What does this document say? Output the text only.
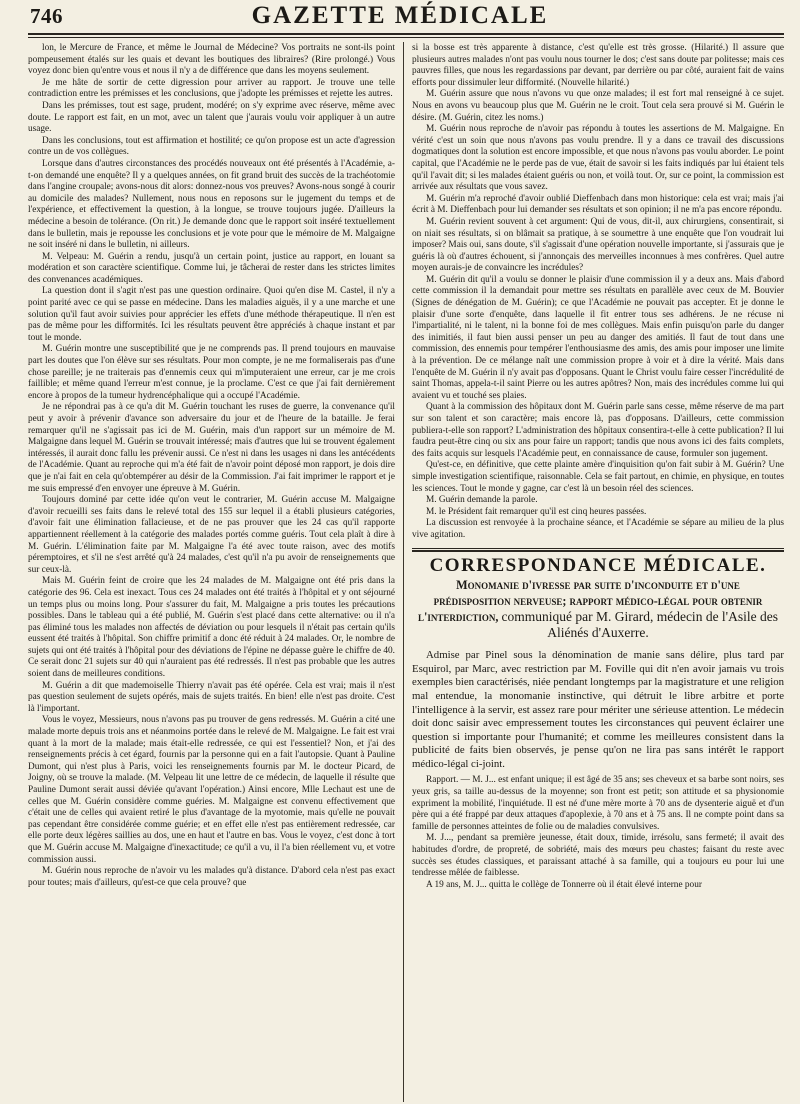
746	GAZETTE MÉDICALE

lon, le Mercure de France, et même le Journal de Médecine? Vos portraits ne sont-ils point pompeusement étalés sur les quais et devant les boutiques des libraires? (Rire prolongé.) Vous voyez donc bien qu'entre vous et nous il n'y a de différence que dans les moyens seulement.

Je me hâte de sortir de cette digression pour arriver au rapport. Je trouve une telle contradiction entre les prémisses et les conclusions, que j'adopte les prémisses et rejette les autres.

Dans les prémisses, tout est sage, prudent, modéré; on s'y exprime avec réserve, même avec doute. Le rapport est fait, en un mot, avec un talent que j'aurais voulu voir appliquer à un autre usage.

Dans les conclusions, tout est affirmation et hostilité; ce qu'on propose est un acte d'agression contre un de vos collègues.

Lorsque dans d'autres circonstances des procédés nouveaux ont été présentés à l'Académie, a-t-on demandé une enquête? Il y a quelques années, on fit grand bruit des succès de la trachéotomie dans l'angine croupale; avons-nous dit alors: donnez-nous vos preuves? Avons-nous songé à courir au domicile des malades? Nullement, nous nous en reposons sur le jugement du temps et de l'expérience, et effectivement la question, à la longue, se trouve toujours jugée. D'ailleurs la médecine a besoin de tolérance. (On rit.) Je demande donc que le rapport soit inséré textuellement dans le bulletin, mais je repousse les conclusions et je vote pour que le mémoire de M. Malgaigne ne soit inséré ni dans le bulletin, ni ailleurs.

M. Velpeau: M. Guérin a rendu, jusqu'à un certain point, justice au rapport, en louant sa modération et son caractère scientifique. Comme lui, je tâcherai de rester dans les strictes limites des convenances académiques.

La question dont il s'agit n'est pas une question ordinaire. Quoi qu'en dise M. Castel, il n'y a point parité avec ce qui se passe en médecine. Dans les maladies aiguës, il y a une marche et une solution qu'il faut avoir suivies pour apprécier les effets d'une méthode thérapeutique. Il n'en est pas de même pour les difformités. Ici les résultats peuvent être appréciés à chaque instant et par tout le monde.

M. Guérin montre une susceptibilité que je ne comprends pas. Il prend toujours en mauvaise part les doutes que l'on élève sur ses résultats. Pour mon compte, je ne me formaliserais pas d'une chose pareille; je ne traiterais pas d'ennemis ceux qui m'imputeraient une erreur, car je me crois faillible; et même quand l'erreur m'est connue, je la proclame. C'est ce que j'ai fait dernièrement encore à propos de la tumeur hydrencéphalique qui a occupé l'Académie.

Je ne répondrai pas à ce qu'a dit M. Guérin touchant les ruses de guerre, la convenance qu'il peut y avoir à prévenir d'avance son adversaire du jour et de l'heure de la bataille. Je ferai remarquer qu'il ne s'agissait pas ici de M. Guérin, mais d'un rapport sur un mémoire de M. Malgaigne dans lequel M. Guérin se trouvait intéressé; mais d'autres que lui se trouvent également intéressés, il aurait donc fallu les prévenir aussi. Ce n'est ni dans les usages ni dans les antécédents de l'Académie. Quant au reproche qui m'a été fait de n'avoir point déposé mon rapport, je dois dire que je n'ai fait en cela qu'obtempérer au désir de la Commission. J'ai fait imprimer le rapport et je me suis empressé d'en envoyer une épreuve à M. Guérin.

Toujours dominé par cette idée qu'on veut le contrarier, M. Guérin accuse M. Malgaigne d'avoir recueilli ses faits dans le relevé total des 155 sur lequel il a établi plusieurs catégories, d'avoir fait une élimination fallacieuse, et de ne pas prouver que les 24 cas qu'il rapporte appartiennent réellement à la catégorie des malades portés comme guéris. Tout cela plaît à dire à M. Guérin. L'élimination faite par M. Malgaigne l'a été avec toute raison, avec des motifs péremptoires, et s'il ne s'est arrêté qu'à 24 malades, c'est qu'il n'a pu avoir de renseignements que sur ceux-là.

Mais M. Guérin feint de croire que les 24 malades de M. Malgaigne ont été pris dans la catégorie des 96. Cela est inexact. Tous ces 24 malades ont été traités à l'hôpital et y ont séjourné un temps plus ou moins long. Pour s'assurer du fait, M. Malgaigne a pris toutes les précautions possibles. Dans le tableau qui a été publié, M. Guérin s'est placé dans cette alternative: ou il n'a pas éliminé tous les malades non affectés de déviation ou pour lesquels il n'était pas certain qu'ils eussent été traités à l'hôpital. Son chiffre primitif a donc été réduit à 24 malades. Or, le nombre de sujets qui ont été traités à l'hôpital pour des déviations de l'épine ne dépasse guère le chiffre de 40. Ce serait donc 21 sujets sur 40 qui n'auraient pas été redressés. Il n'est pas probable que les autres soient dans de meilleures conditions.

M. Guérin a dit que mademoiselle Thierry n'avait pas été opérée. Cela est vrai; mais il n'est pas question seulement de sujets opérés, mais de sujets traités. En bien! elle n'est pas droite. C'est là l'important.

Vous le voyez, Messieurs, nous n'avons pas pu trouver de gens redressés. M. Guérin a cité une malade morte depuis trois ans et néanmoins portée dans le relevé de M. Malgaigne. Le fait est vrai quant à la mort de la malade; mais était-elle redressée, ce qui est l'essentiel? Non, et j'ai des renseignements précis à cet égard, fournis par la personne qui en a fait l'autopsie. Quant à Pauline Dumont, qui n'est plus à Paris, voici les renseignements fournis par M. le docteur Picard, de Joigny, où se trouve la malade. (M. Velpeau lit une lettre de ce médecin, de laquelle il résulte que Pauline Dumont serait aussi déviée qu'avant l'opération.) Ainsi encore, Mlle Lechaut est une de celles que M. Guérin considère comme guéries. M. Malgaigne est convenu effectivement que c'était une de celles qui avaient retiré le plus d'avantage de la myotomie, mais qu'elle ne pouvait pas cependant être considérée comme guérie; et en effet elle n'est pas entièrement redressée, car elle porte deux légères saillies au dos, une en haut et l'autre en bas. Vous le voyez, c'est donc à tort que M. Guérin accuse M. Malgaigne d'inexactitude; ce qu'il a vu, il l'a bien réellement vu, et votre commission aussi.

M. Guérin nous reproche de n'avoir vu les malades qu'à distance. D'abord cela n'est pas exact pour toutes; mais d'ailleurs, qu'est-ce que cela prouve? que

si la bosse est très apparente à distance, c'est qu'elle est très grosse. (Hilarité.) Il assure que plusieurs autres malades n'ont pas voulu nous tourner le dos; c'est sans doute par politesse; mais ces pauvres filles, que nous les regardassions par devant, par derrière ou par côté, auraient fait de vains efforts pour dissimuler leur difformité. (Nouvelle hilarité.)

M. Guérin assure que nous n'avons vu que onze malades; il est fort mal renseigné à ce sujet. Nous en avons vu beaucoup plus que M. Guérin ne le croit. Tout cela sera prouvé si M. Guérin le désire. (M. Guérin, citez les noms.)

M. Guérin nous reproche de n'avoir pas répondu à toutes les assertions de M. Malgaigne. En vérité c'est un soin que nous n'avons pas voulu prendre. Il y a dans ce travail des discussions dogmatiques dont la solution est encore impossible, et que nous n'avons pas voulu aborder. Le point capital, que l'Académie ne le perde pas de vue, était de savoir si les faits indiqués par lui étaient tels qu'il l'avait dit; si les malades étaient guéris ou non, et voilà tout. Or, sur ce point, la commission est arrivée aux résultats que vous savez.

M. Guérin m'a reproché d'avoir oublié Dieffenbach dans mon historique: cela est vrai; mais j'ai écrit à M. Dieffenbach pour lui demander ses résultats et son opinion; il ne m'a pas encore répondu.

M. Guérin revient souvent à cet argument: Qui de vous, dit-il, aux chirurgiens, consentirait, si on niait ses résultats, si on blâmait sa pratique, à se soumettre à une enquête que l'on voudrait lui imposer? Mais oui, sans doute, s'il s'agissait d'une opération nouvelle importante, si j'assurais que je guéris là où d'autres échouent, si j'annonçais des merveilles inconnues à mes confrères. Quel autre moyen aurais-je de convaincre les incrédules?

M. Guérin dit qu'il a voulu se donner le plaisir d'une commission il y a deux ans. Mais d'abord cette commission il la demandait pour mettre ses résultats en parallèle avec ceux de M. Bouvier (Signes de dénégation de M. Guérin); ce que l'Académie ne pouvait pas accepter. Et je donne le plaisir d'une sorte d'enquête, dans laquelle il fit entrer tous ses adhérens. Je ne récuse ni l'impartialité, ni le talent, ni la bonne foi de mes collègues. Mais enfin puisqu'on parle du danger des inimitiés, il faut bien aussi penser un peu au danger des amitiés. Il faut de tout dans une commission, des ennemis pour tempérer l'enthousiasme des amis, des amis pour imposer une limite à la prévention. De ce mélange naît une commission propre à voir et à dire la vérité. Mais dans l'enquête de M. Guérin il n'y avait pas d'opposans. Quant le Christ voulu faire cesser l'incrédulité de saint Thomas, appela-t-il saint Pierre ou les autres apôtres? Non, mais des incrédules comme lui qui avaient vu et touché ses plaies.

Quant à la commission des hôpitaux dont M. Guérin parle sans cesse, même réserve de ma part sur son talent et son caractère; mais encore là, pas d'opposans. D'ailleurs, cette commission publiera-t-elle son rapport? L'administration des hôpitaux consentira-t-elle à cette publication? Il lui faudra peut-être cinq ou six ans pour faire un rapport; tandis que nous avons ici des faits complets, des faits acquis sur lesquels l'Académie peut, en connaissance de cause, formuler son jugement.

Qu'est-ce, en définitive, que cette plainte amère d'inquisition qu'on fait subir à M. Guérin? Une simple investigation scientifique, raisonnable. Cela se fait partout, en chimie, en physique, en toutes les sciences. Tout le monde y gagne, car c'est là un besoin réel des sciences.

M. Guérin demande la parole.

M. le Président fait remarquer qu'il est cinq heures passées.

La discussion est renvoyée à la prochaine séance, et l'Académie se sépare au milieu de la plus vive agitation.

CORRESPONDANCE MÉDICALE.
Monomanie d'ivresse par suite d'inconduite et d'une prédisposition nerveuse; rapport médico-légal pour obtenir l'interdiction, communiqué par M. Girard, médecin de l'Asile des Aliénés d'Auxerre.

Admise par Pinel sous la dénomination de manie sans délire, plus tard par Esquirol, par Marc, avec restriction par M. Foville qui dit n'en avoir jamais vu trois exemples bien caractérisés, niée pendant longtemps par la magistrature et une religion mal entendue, la monomanie instinctive, qui détruit le libre arbitre et porte l'intelligence à la servir, est assez rare pour mériter une sérieuse attention. Le médecin doit donc saisir avec empressement toutes les circonstances qui peuvent éclairer une question si importante pour l'humanité; et comme les meilleures consistent dans la publicité de faits bien observés, je pense qu'on ne lira pas sans intérêt le rapport médico-légal ci-joint.

Rapport. — M. J... est enfant unique; il est âgé de 35 ans; ses cheveux et sa barbe sont noirs, ses yeux gris, sa taille au-dessus de la moyenne; son front est petit; son attitude et sa physionomie expriment la mobilité, l'inquiétude. Il est né d'une mère morte à 70 ans de dysenterie aiguë et d'un père qui a été frappé par deux attaques d'apoplexie, à 70 ans et à 75 ans. Il ne compte point dans sa famille de personnes atteintes de folie ou de maladies convulsives.

M. J..., pendant sa première jeunesse, était doux, timide, irrésolu, sans fermeté; il avait des habitudes d'ordre, de propreté, de sobriété, mais des mœurs peu chastes; faisant du reste avec succès ses études classiques, et paraissant attaché à sa famille, qui a toujours eu pour lui une tendresse mêlée de faiblesse.

A 19 ans, M. J... quitta le collège de Tonnerre où il était élevé interne pour
